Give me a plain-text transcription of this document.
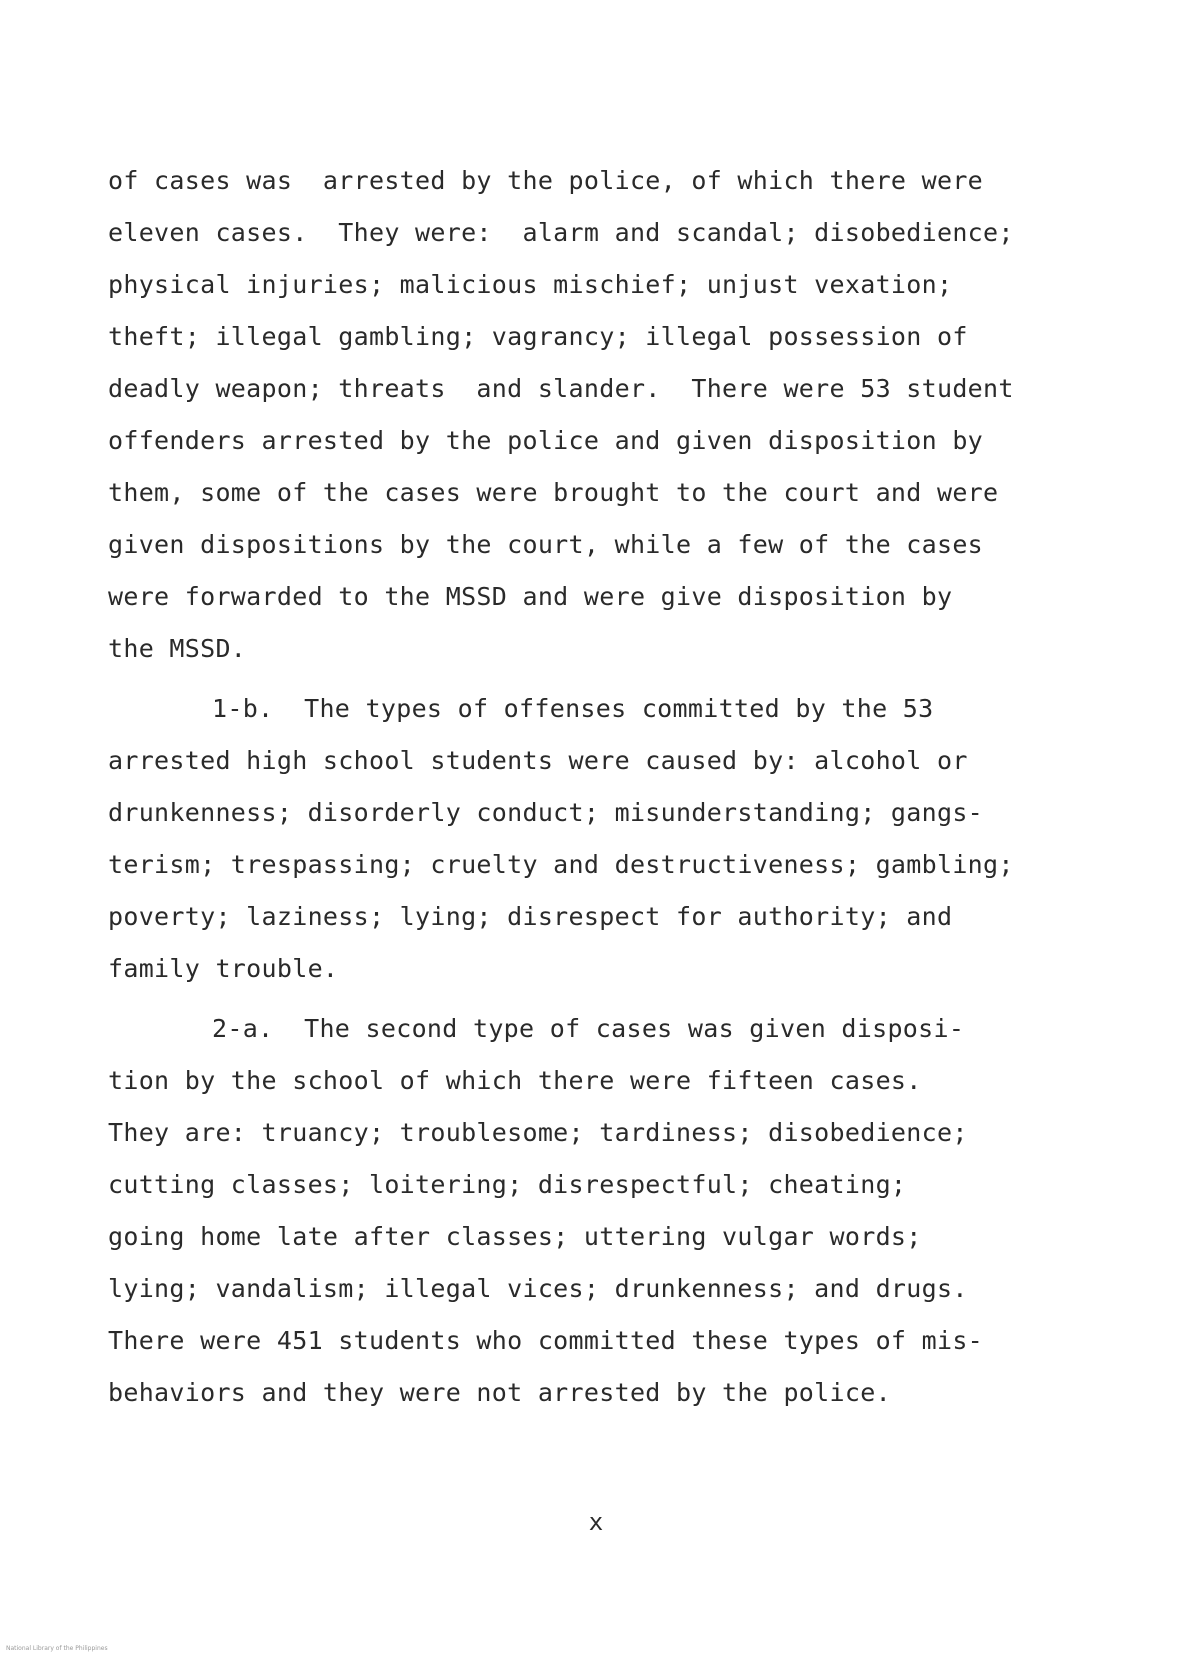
of cases was  arrested by the police, of which there were
eleven cases.  They were:  alarm and scandal; disobedience;
physical injuries; malicious mischief; unjust vexation;
theft; illegal gambling; vagrancy; illegal possession of
deadly weapon; threats  and slander.  There were 53 student
offenders arrested by the police and given disposition by
them, some of the cases were brought to the court and were
given dispositions by the court, while a few of the cases
were forwarded to the MSSD and were give disposition by
the MSSD.
1-b.  The types of offenses committed by the 53
arrested high school students were caused by: alcohol or
drunkenness; disorderly conduct; misunderstanding; gangs-
terism; trespassing; cruelty and destructiveness; gambling;
poverty; laziness; lying; disrespect for authority; and
family trouble.
2-a.  The second type of cases was given disposi-
tion by the school of which there were fifteen cases.
They are: truancy; troublesome; tardiness; disobedience;
cutting classes; loitering; disrespectful; cheating;
going home late after classes; uttering vulgar words;
lying; vandalism; illegal vices; drunkenness; and drugs.
There were 451 students who committed these types of mis-
behaviors and they were not arrested by the police.
x
National Library of the Philippines
